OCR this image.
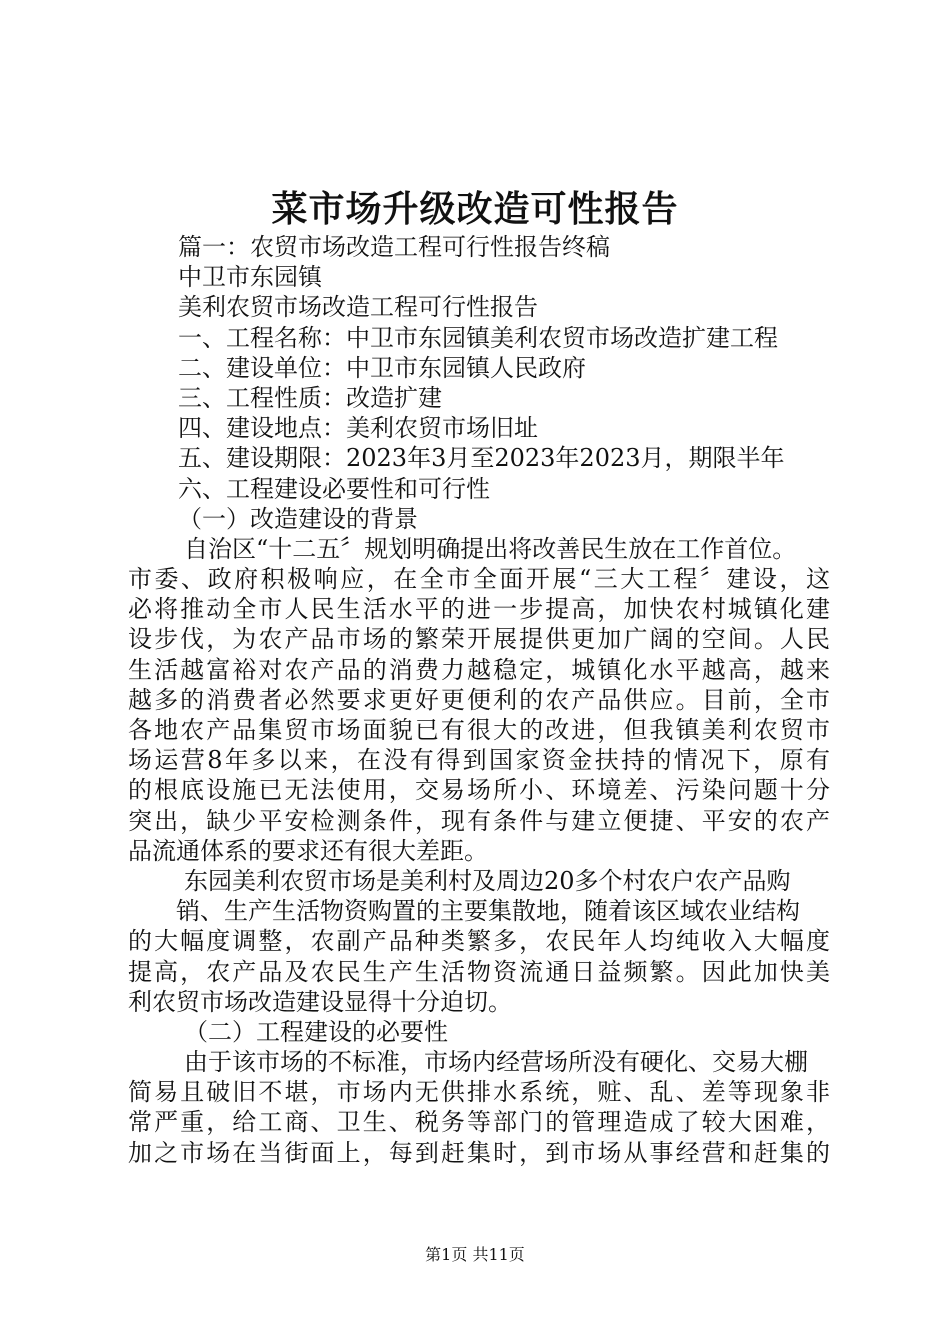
菜市场升级改造可性报告
篇一：农贸市场改造工程可行性报告终稿
中卫市东园镇
美利农贸市场改造工程可行性报告
一、工程名称：中卫市东园镇美利农贸市场改造扩建工程
二、建设单位：中卫市东园镇人民政府
三、工程性质：改造扩建
四、建设地点：美利农贸市场旧址
五、建设期限：2023年3月至2023年2023月，期限半年
六、工程建设必要性和可行性
（一）改造建设的背景
自治区“十二五〞规划明确提出将改善民生放在工作首位。
市委、政府积极响应，在全市全面开展“三大工程〞建设，这
必将推动全市人民生活水平的进一步提高，加快农村城镇化建
设步伐，为农产品市场的繁荣开展提供更加广阔的空间。人民
生活越富裕对农产品的消费力越稳定，城镇化水平越高，越来
越多的消费者必然要求更好更便利的农产品供应。目前，全市
各地农产品集贸市场面貌已有很大的改进，但我镇美利农贸市
场运营8年多以来，在没有得到国家资金扶持的情况下，原有
的根底设施已无法使用，交易场所小、环境差、污染问题十分
突出，缺少平安检测条件，现有条件与建立便捷、平安的农产
品流通体系的要求还有很大差距。
东园美利农贸市场是美利村及周边20多个村农户农产品购
销、生产生活物资购置的主要集散地，随着该区域农业结构
的大幅度调整，农副产品种类繁多，农民年人均纯收入大幅度
提高，农产品及农民生产生活物资流通日益频繁。因此加快美
利农贸市场改造建设显得十分迫切。
（二）工程建设的必要性
由于该市场的不标准，市场内经营场所没有硬化、交易大棚
简易且破旧不堪，市场内无供排水系统，赃、乱、差等现象非
常严重，给工商、卫生、税务等部门的管理造成了较大困难，
加之市场在当街面上，每到赶集时，到市场从事经营和赶集的
第1页 共11页
